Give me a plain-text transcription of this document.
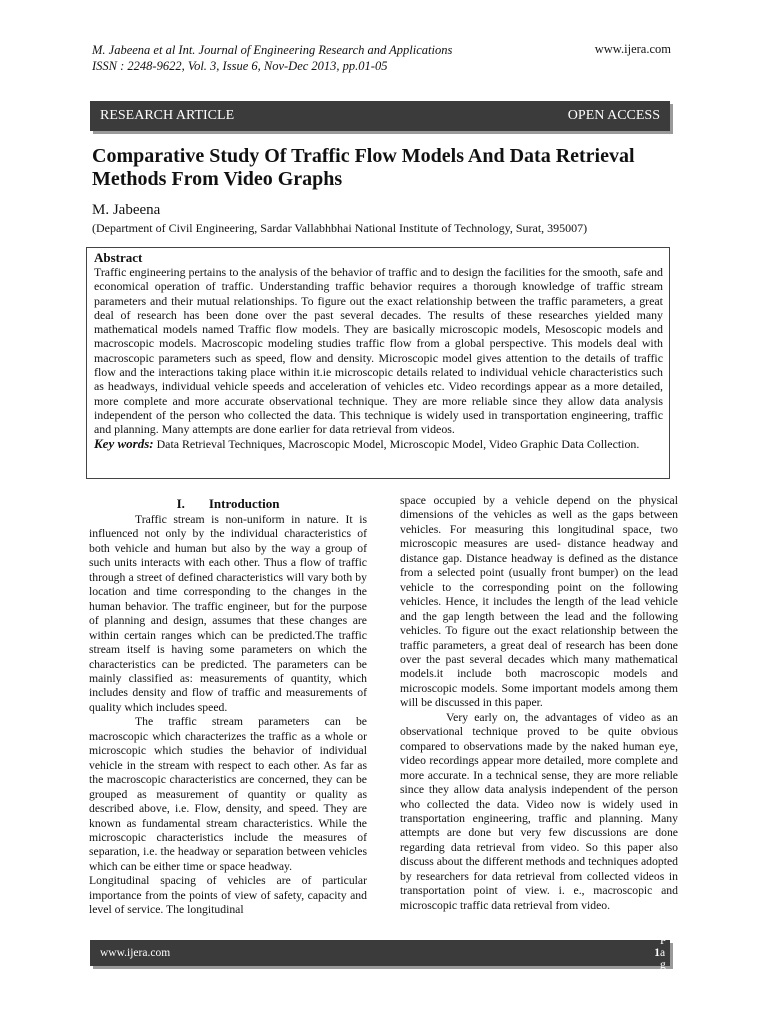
M. Jabeena et al Int. Journal of Engineering Research and Applications
ISSN : 2248-9622, Vol. 3, Issue 6, Nov-Dec 2013, pp.01-05
www.ijera.com
RESEARCH ARTICLE	OPEN ACCESS
Comparative Study Of Traffic Flow Models And Data Retrieval Methods From Video Graphs
M. Jabeena
(Department of Civil Engineering, Sardar Vallabhbhai National Institute of Technology, Surat, 395007)
Abstract
Traffic engineering pertains to the analysis of the behavior of traffic and to design the facilities for the smooth, safe and economical operation of traffic. Understanding traffic behavior requires a thorough knowledge of traffic stream parameters and their mutual relationships. To figure out the exact relationship between the traffic parameters, a great deal of research has been done over the past several decades. The results of these researches yielded many mathematical models named Traffic flow models. They are basically microscopic models, Mesoscopic models and macroscopic models. Macroscopic modeling studies traffic flow from a global perspective. This models deal with macroscopic parameters such as speed, flow and density. Microscopic model gives attention to the details of traffic flow and the interactions taking place within it.ie microscopic details related to individual vehicle characteristics such as headways, individual vehicle speeds and acceleration of vehicles etc. Video recordings appear as a more detailed, more complete and more accurate observational technique. They are more reliable since they allow data analysis independent of the person who collected the data. This technique is widely used in transportation engineering, traffic and planning. Many attempts are done earlier for data retrieval from videos.
Key words: Data Retrieval Techniques, Macroscopic Model, Microscopic Model, Video Graphic Data Collection.
I. Introduction

Traffic stream is non-uniform in nature. It is influenced not only by the individual characteristics of both vehicle and human but also by the way a group of such units interacts with each other. Thus a flow of traffic through a street of defined characteristics will vary both by location and time corresponding to the changes in the human behavior. The traffic engineer, but for the purpose of planning and design, assumes that these changes are within certain ranges which can be predicted.The traffic stream itself is having some parameters on which the characteristics can be predicted. The parameters can be mainly classified as: measurements of quantity, which includes density and flow of traffic and measurements of quality which includes speed.

The traffic stream parameters can be macroscopic which characterizes the traffic as a whole or microscopic which studies the behavior of individual vehicle in the stream with respect to each other. As far as the macroscopic characteristics are concerned, they can be grouped as measurement of quantity or quality as described above, i.e. Flow, density, and speed. They are known as fundamental stream characteristics. While the microscopic characteristics include the measures of separation, i.e. the headway or separation between vehicles which can be either time or space headway.

Longitudinal spacing of vehicles are of particular importance from the points of view of safety, capacity and level of service. The longitudinal

space occupied by a vehicle depend on the physical dimensions of the vehicles as well as the gaps between vehicles. For measuring this longitudinal space, two microscopic measures are used- distance headway and distance gap. Distance headway is defined as the distance from a selected point (usually front bumper) on the lead vehicle to the corresponding point on the following vehicles. Hence, it includes the length of the lead vehicle and the gap length between the lead and the following vehicles. To figure out the exact relationship between the traffic parameters, a great deal of research has been done over the past several decades which many mathematical models.it include both macroscopic models and microscopic models. Some important models among them will be discussed in this paper.

Very early on, the advantages of video as an observational technique proved to be quite obvious compared to observations made by the naked human eye, video recordings appear more detailed, more complete and more accurate. In a technical sense, they are more reliable since they allow data analysis independent of the person who collected the data. Video now is widely used in transportation engineering, traffic and planning. Many attempts are done but very few discussions are done regarding data retrieval from video. So this paper also discuss about the different methods and techniques adopted by researchers for data retrieval from collected videos in transportation point of view. i. e., macroscopic and microscopic traffic data retrieval from video.

www.ijera.com	1
| P a g e
